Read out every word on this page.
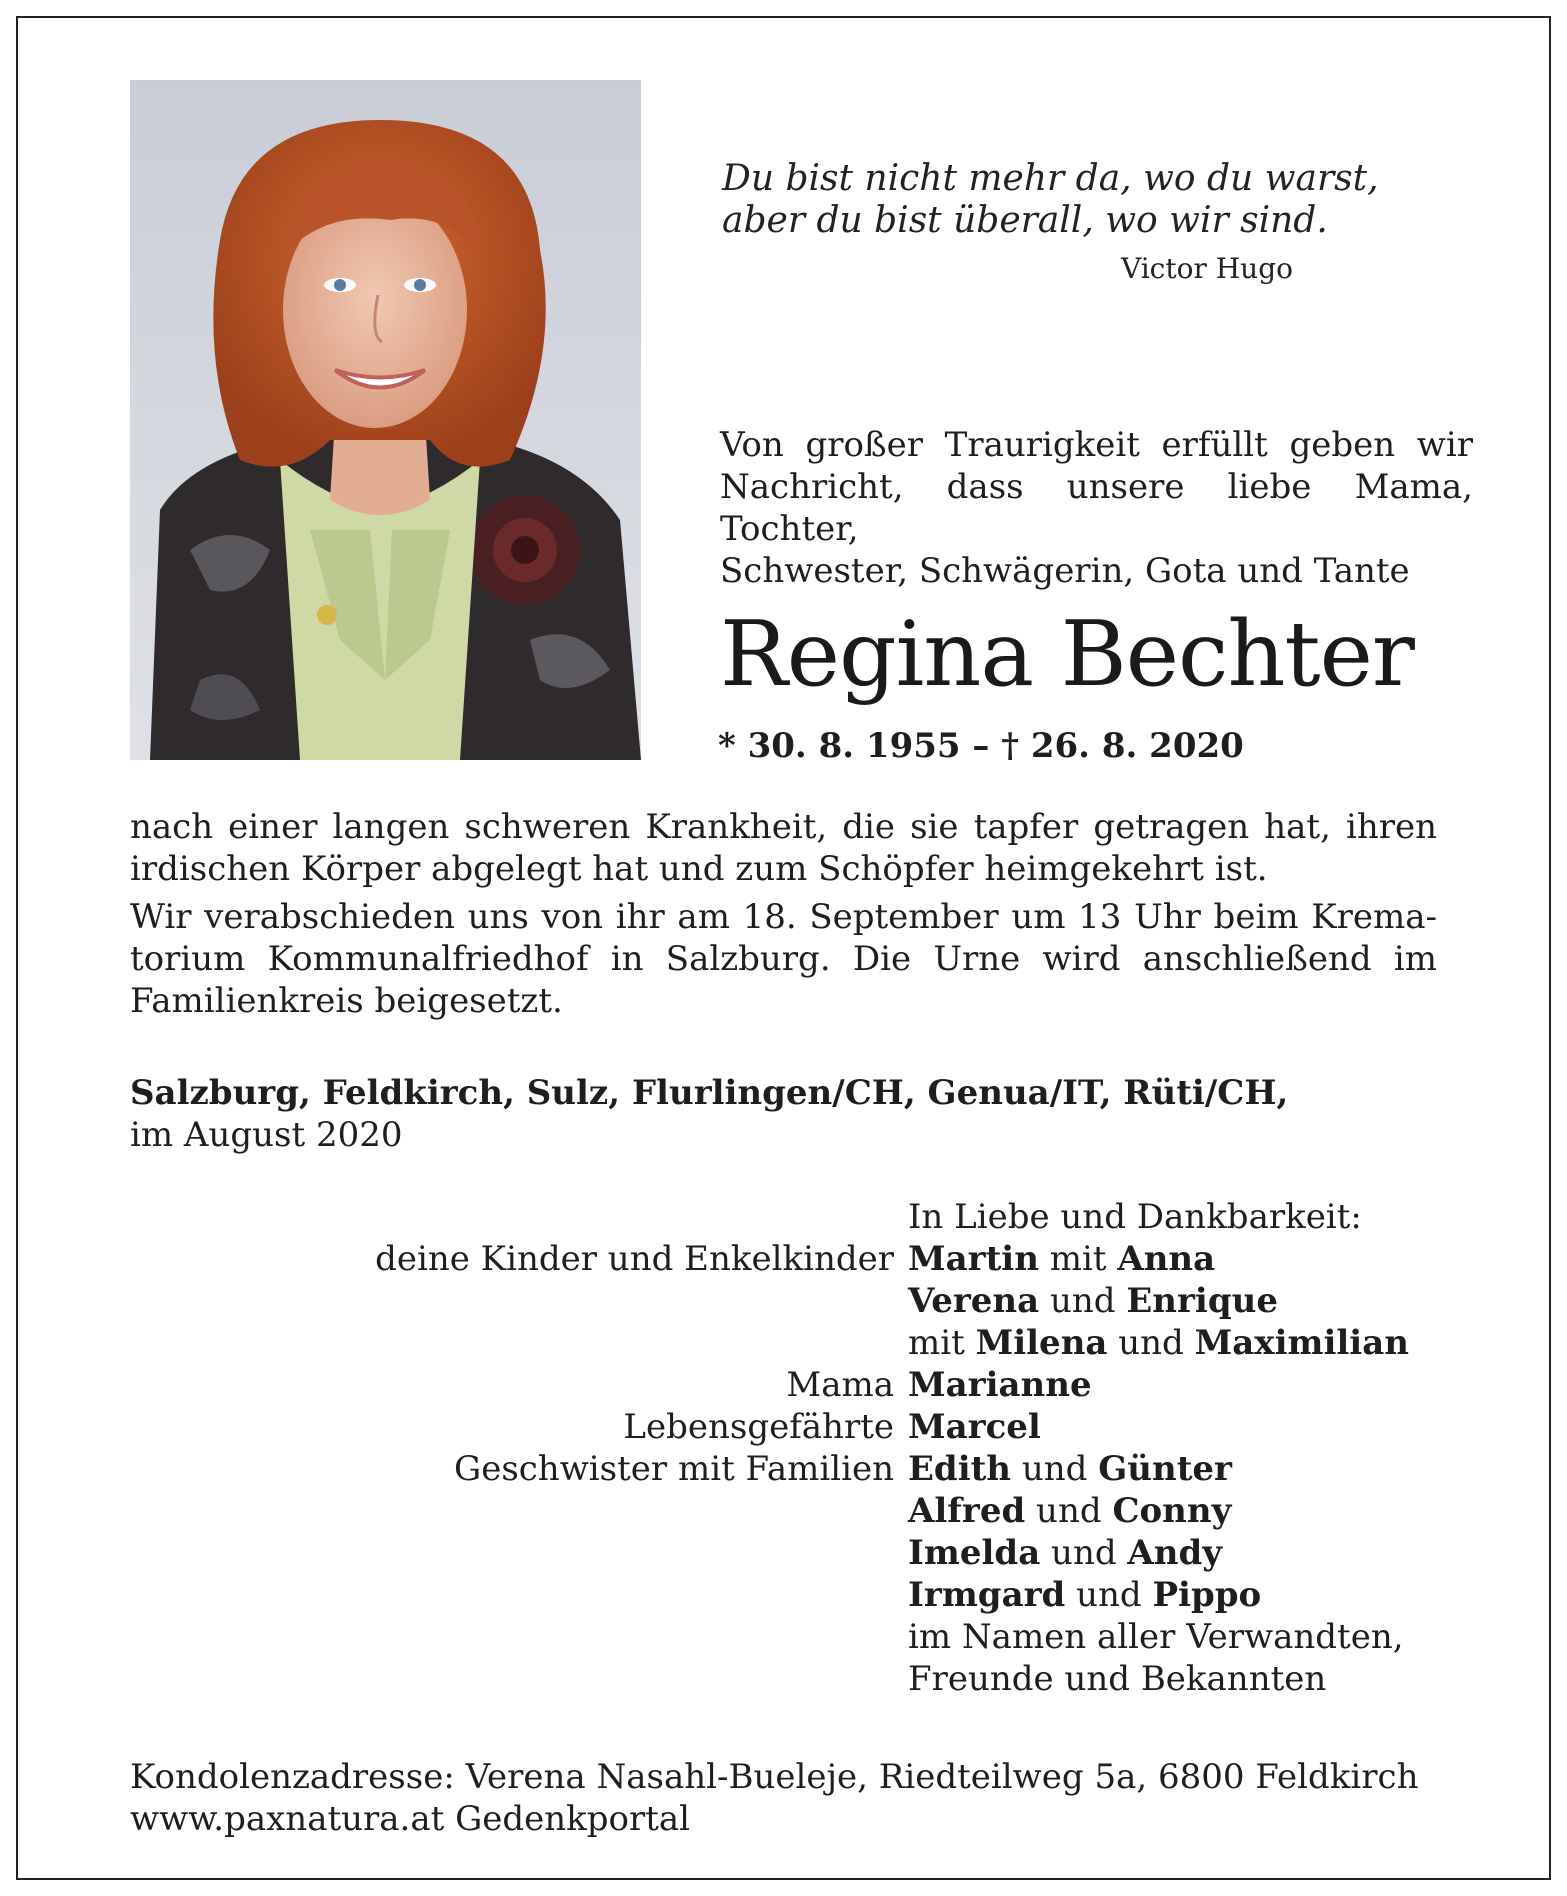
Du bist nicht mehr da, wo du warst,
aber du bist überall, wo wir sind.
Victor Hugo
Von großer Traurigkeit erfüllt geben wir
Nachricht, dass unsere liebe Mama, Tochter,
Schwester, Schwägerin, Gota und Tante
Regina Bechter
* 30. 8. 1955 – † 26. 8. 2020
nach einer langen schweren Krankheit, die sie tapfer getragen hat, ihren
irdischen Körper abgelegt hat und zum Schöpfer heimgekehrt ist.
Wir verabschieden uns von ihr am 18. September um 13 Uhr beim Krema-
torium Kommunalfriedhof in Salzburg. Die Urne wird anschließend im
Familienkreis beigesetzt.
Salzburg, Feldkirch, Sulz, Flurlingen/CH, Genua/IT, Rüti/CH,
im August 2020
In Liebe und Dankbarkeit:
deine Kinder und Enkelkinder Martin mit Anna
Verena und Enrique
mit Milena und Maximilian
Mama Marianne
Lebensgefährte Marcel
Geschwister mit Familien Edith und Günter
Alfred und Conny
Imelda und Andy
Irmgard und Pippo
im Namen aller Verwandten,
Freunde und Bekannten
Kondolenzadresse: Verena Nasahl-Bueleje, Riedteilweg 5a, 6800 Feldkirch
www.paxnatura.at Gedenkportal
